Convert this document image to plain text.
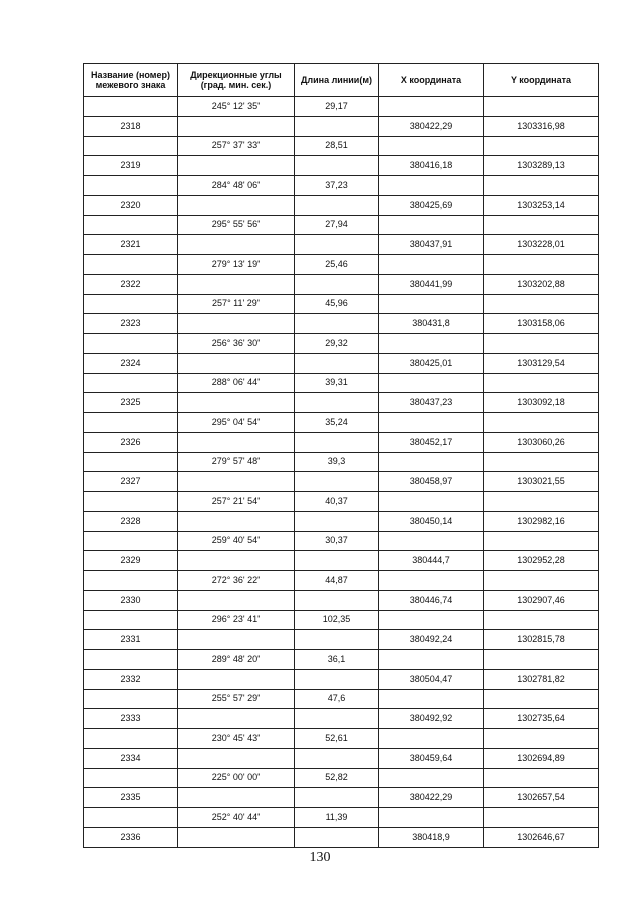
Название (номер) межевого знака	Дирекционные углы (град. мин. сек.)	Длина линии(м)	X координата	Y координата
	245° 12' 35"	29,17		
2318			380422,29	1303316,98
	257° 37' 33"	28,51		
2319			380416,18	1303289,13
	284° 48' 06"	37,23		
2320			380425,69	1303253,14
	295° 55' 56"	27,94		
2321			380437,91	1303228,01
	279° 13' 19"	25,46		
2322			380441,99	1303202,88
	257° 11' 29"	45,96		
2323			380431,8	1303158,06
	256° 36' 30"	29,32		
2324			380425,01	1303129,54
	288° 06' 44"	39,31		
2325			380437,23	1303092,18
	295° 04' 54"	35,24		
2326			380452,17	1303060,26
	279° 57' 48"	39,3		
2327			380458,97	1303021,55
	257° 21' 54"	40,37		
2328			380450,14	1302982,16
	259° 40' 54"	30,37		
2329			380444,7	1302952,28
	272° 36' 22"	44,87		
2330			380446,74	1302907,46
	296° 23' 41"	102,35		
2331			380492,24	1302815,78
	289° 48' 20"	36,1		
2332			380504,47	1302781,82
	255° 57' 29"	47,6		
2333			380492,92	1302735,64
	230° 45' 43"	52,61		
2334			380459,64	1302694,89
	225° 00' 00"	52,82		
2335			380422,29	1302657,54
	252° 40' 44"	11,39		
2336			380418,9	1302646,67
130
